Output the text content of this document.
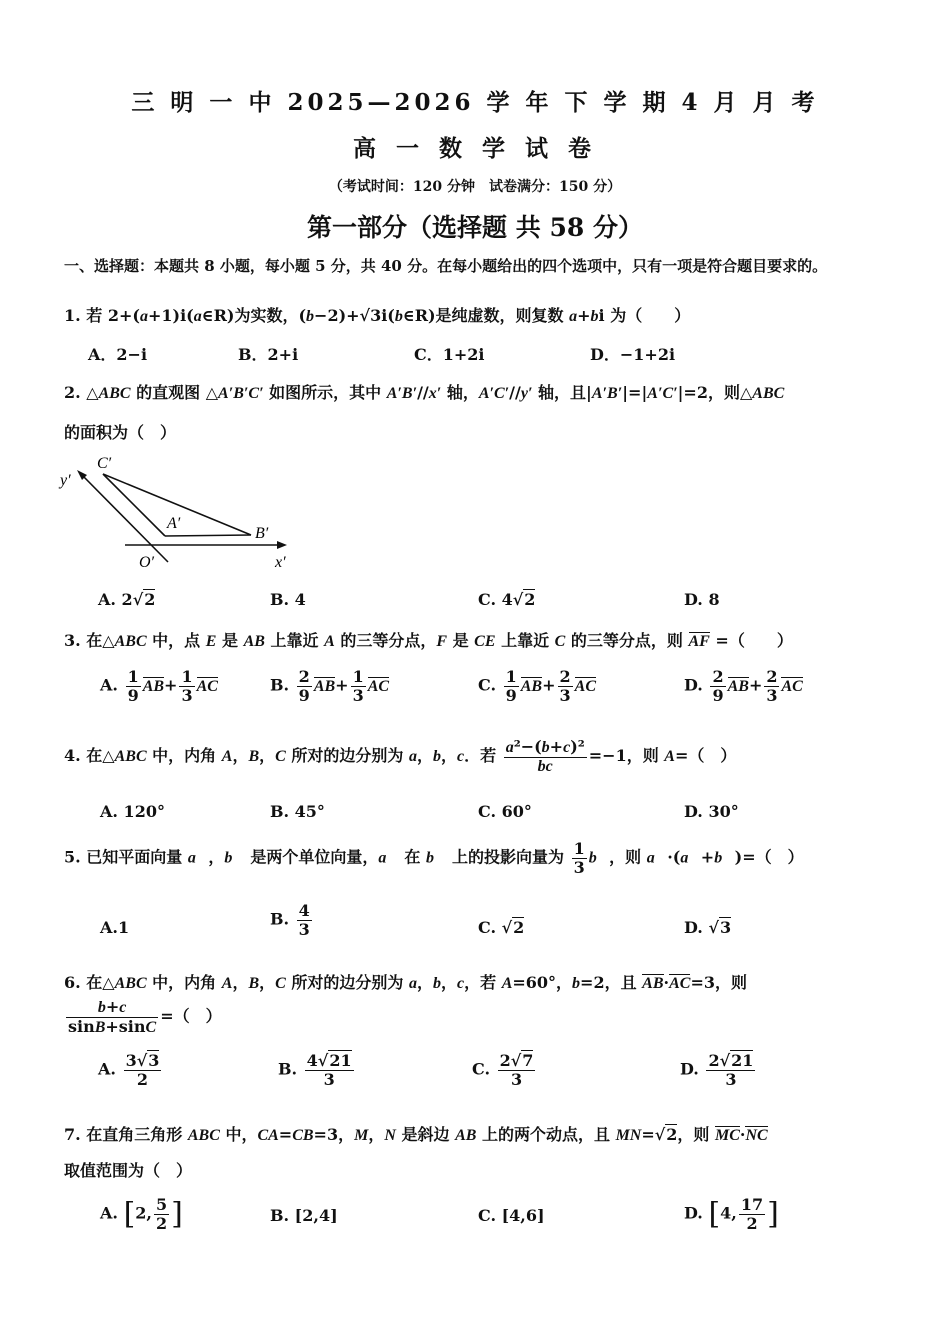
三 明 一 中 2025—2026 学 年 下 学 期 4 月 月 考
高 一 数 学 试 卷
（考试时间：120 分钟　试卷满分：150 分）
第一部分（选择题 共 58 分）
一、选择题：本题共 8 小题，每小题 5 分，共 40 分。在每小题给出的四个选项中，只有一项是符合题目要求的。
1. 若 2+(a+1)i(a∈R)为实数，(b−2)+√3i(b∈R)是纯虚数，则复数 a+bi 为（　　）
A．2−i	B．2+i	C．1+2i	D．−1+2i
2. △ABC 的直观图 △A′B′C′ 如图所示，其中 A′B′//x′ 轴，A′C′//y′ 轴，且|A′B′|=|A′C′|=2，则△ABC
的面积为（　）
y′
x′
O′
A′
B′
C′
A. 2√2	B. 4	C. 4√2	D. 8
3. 在△ABC 中，点 E 是 AB 上靠近 A 的三等分点，F 是 CE 上靠近 C 的三等分点，则 AF =（　　）
A. $\frac{1}{9} AB+ \frac{1}{3}$ AC	B. $\frac{2}{9} AB+ \frac{1}{3}$ AC	C. $\frac{1}{9} AB+ \frac{2}{3}$ AC	D. $\frac{2}{9} AB+ \frac{2}{3}$ AC
4. 在△ABC 中，内角 A，B，C 所对的边分别为 a，b，c．若 $\frac{\text{a²−(b+c)²}}{bc} =-1$，则 A=（　）
A. 120°	B. 45°	C. 60°	D. 30°
5. 已知平面向量 a⃗，b⃗ 是两个单位向量，a⃗ 在 b⃗ 上的投影向量为 $\frac{1}{3}$ b⃗，则 a⃗·(a⃗+b⃗)=（　）
A.1	B. $\frac{4}{3}$	C. √2	D. √3
6. 在△ABC 中，内角 A，B，C 所对的边分别为 a，b，c，若 A=60°，b=2，且 AB·AC=3，则
$\frac{b+c}{\sin B+\sin C}$ =（　）
A. $\frac{3√3}{2}$	B. $\frac{4√21}{3}$	C. $\frac{2√7}{3}$	D. $\frac{2√21}{3}$
7. 在直角三角形 ABC 中，CA=CB=3，M，N 是斜边 AB 上的两个动点，且 MN=√2，则 MC·NC
取值范围为（　）
A. [2, $\frac{5}{2}$ ]	B. [2,4]	C. [4,6]	D. [4, $\frac{17}{2}$ ]
